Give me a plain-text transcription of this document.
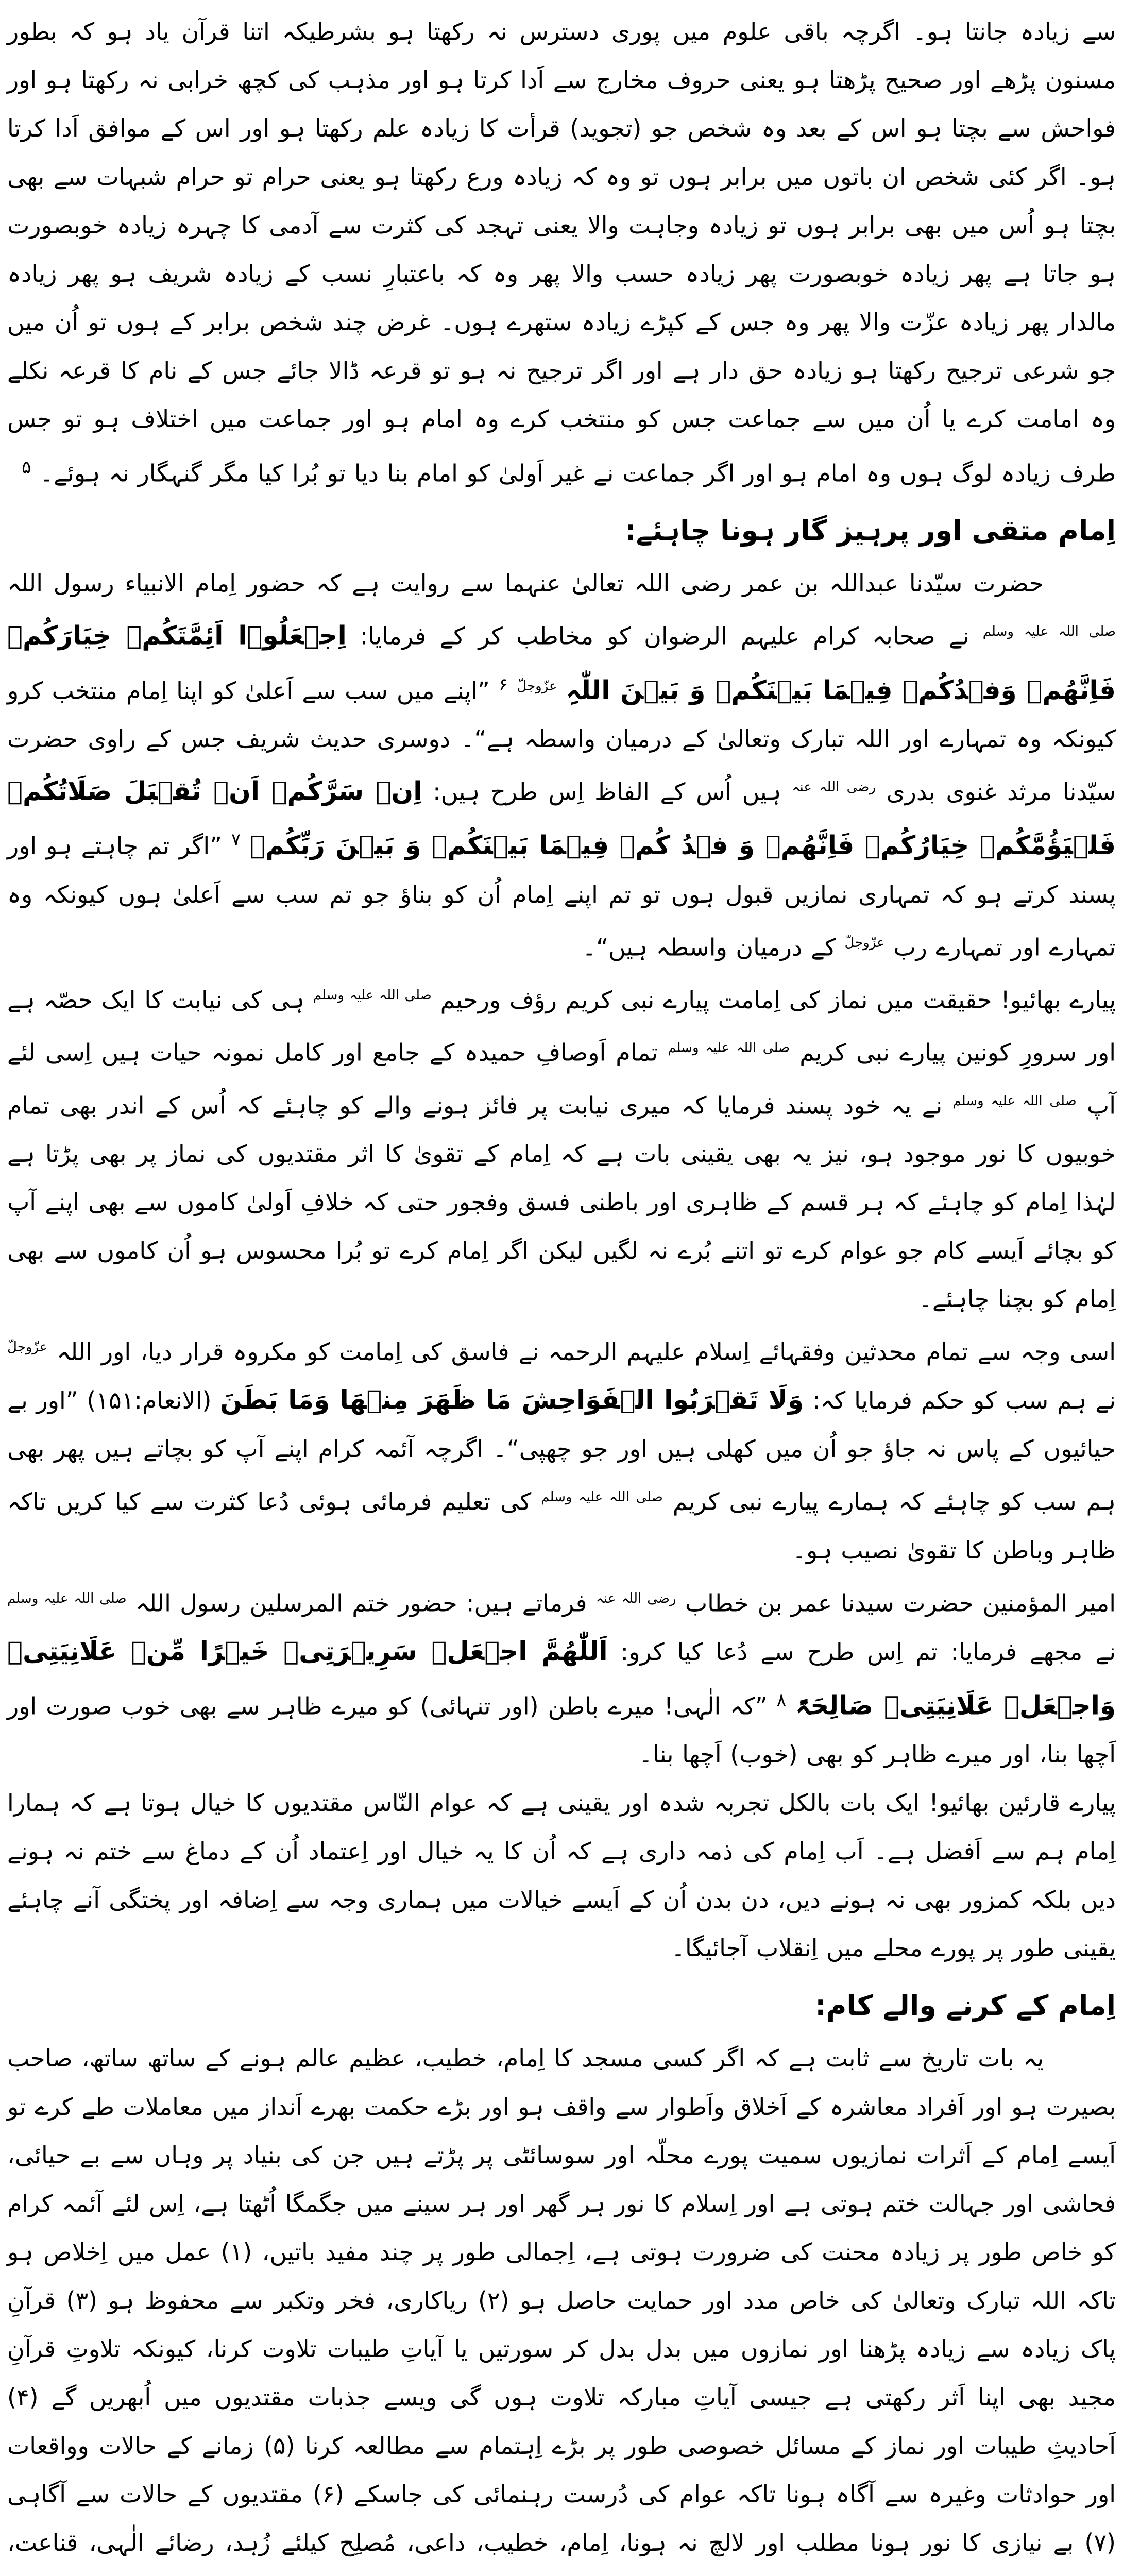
سے زیادہ جانتا ہو۔ اگرچہ باقی علوم میں پوری دسترس نہ رکھتا ہو بشرطیکہ اتنا قرآن یاد ہو کہ بطور مسنون پڑھے اور صحیح پڑھتا ہو یعنی حروف مخارج سے اَدا کرتا ہو اور مذہب کی کچھ خرابی نہ رکھتا ہو اور فواحش سے بچتا ہو اس کے بعد وہ شخص جو (تجوید) قرأت کا زیادہ علم رکھتا ہو اور اس کے موافق اَدا کرتا ہو۔ اگر کئی شخص ان باتوں میں برابر ہوں تو وہ کہ زیادہ ورع رکھتا ہو یعنی حرام تو حرام شبہات سے بھی بچتا ہو اُس میں بھی برابر ہوں تو زیادہ وجاہت والا یعنی تہجد کی کثرت سے آدمی کا چہرہ زیادہ خوبصورت ہو جاتا ہے پھر زیادہ خوبصورت پھر زیادہ حسب والا پھر وہ کہ باعتبارِ نسب کے زیادہ شریف ہو پھر زیادہ مالدار پھر زیادہ عزّت والا پھر وہ جس کے کپڑے زیادہ ستھرے ہوں۔ غرض چند شخص برابر کے ہوں تو اُن میں جو شرعی ترجیح رکھتا ہو زیادہ حق دار ہے اور اگر ترجیح نہ ہو تو قرعہ ڈالا جائے جس کے نام کا قرعہ نکلے وہ امامت کرے یا اُن میں سے جماعت جس کو منتخب کرے وہ امام ہو اور جماعت میں اختلاف ہو تو جس طرف زیادہ لوگ ہوں وہ امام ہو اور اگر جماعت نے غیر اَولیٰ کو امام بنا دیا تو بُرا کیا مگر گنہگار نہ ہوئے۔ $^۵$

اِمام متقی اور پرہیز گار ہونا چاہئے:

حضرت سیّدنا عبداللہ بن عمر رضی اللہ تعالیٰ عنہما سے روایت ہے کہ حضور اِمام الانبیاء رسول اللہ $^{صلی اللہ علیہ وسلم}$ نے صحابہ کرام علیہم الرضوان کو مخاطب کر کے فرمایا: اِجۡعَلُوۡا اَئِمَّتَکُمۡ خِیَارَکُمۡ فَاِنَّھُمۡ وَفۡدُکُمۡ فِیۡمَا بَیۡنَکُمۡ وَ بَیۡنَ اللّٰہِ $^{عزّوجلّ}$ $^۶$ ”اپنے میں سب سے اَعلیٰ کو اپنا اِمام منتخب کرو کیونکہ وہ تمہارے اور اللہ تبارک وتعالیٰ کے درمیان واسطہ ہے“۔ دوسری حدیث شریف جس کے راوی حضرت سیّدنا مرثد غنوی بدری $^{رضی اللہ عنہ}$ ہیں اُس کے الفاظ اِس طرح ہیں: اِنۡ سَرَّکُمۡ اَنۡ تُقۡبَلَ صَلَاتُکُمۡ فَلۡیَؤُمَّکُمۡ خِیَارُکُمۡ فَاِنَّھُمۡ وَ فۡدُ کُمۡ فِیۡمَا بَیۡنَکُمۡ وَ بَیۡنَ رَبِّکُمۡ $^۷$ ”اگر تم چاہتے ہو اور پسند کرتے ہو کہ تمہاری نمازیں قبول ہوں تو تم اپنے اِمام اُن کو بناؤ جو تم سب سے اَعلیٰ ہوں کیونکہ وہ تمہارے اور تمہارے رب $^{عزّوجلّ}$ کے درمیان واسطہ ہیں“۔

پیارے بھائیو! حقیقت میں نماز کی اِمامت پیارے نبی کریم رؤف ورحیم $^{صلی اللہ علیہ وسلم}$ ہی کی نیابت کا ایک حصّہ ہے اور سرورِ کونین پیارے نبی کریم $^{صلی اللہ علیہ وسلم}$ تمام اَوصافِ حمیدہ کے جامع اور کامل نمونہ حیات ہیں اِسی لئے آپ $^{صلی اللہ علیہ وسلم}$ نے یہ خود پسند فرمایا کہ میری نیابت پر فائز ہونے والے کو چاہئے کہ اُس کے اندر بھی تمام خوبیوں کا نور موجود ہو، نیز یہ بھی یقینی بات ہے کہ اِمام کے تقویٰ کا اثر مقتدیوں کی نماز پر بھی پڑتا ہے لہٰذا اِمام کو چاہئے کہ ہر قسم کے ظاہری اور باطنی فسق وفجور حتی کہ خلافِ اَولیٰ کاموں سے بھی اپنے آپ کو بچائے اَیسے کام جو عوام کرے تو اتنے بُرے نہ لگیں لیکن اگر اِمام کرے تو بُرا محسوس ہو اُن کاموں سے بھی اِمام کو بچنا چاہئے۔

اسی وجہ سے تمام محدثین وفقہائے اِسلام علیہم الرحمہ نے فاسق کی اِمامت کو مکروہ قرار دیا، اور اللہ $^{عزّوجلّ}$ نے ہم سب کو حکم فرمایا کہ: وَلَا تَقۡرَبُوا الۡفَوَاحِشَ مَا ظَھَرَ مِنۡھَا وَمَا بَطَنَ (الانعام:۱۵۱) ”اور بے حیائیوں کے پاس نہ جاؤ جو اُن میں کھلی ہیں اور جو چھپی“۔ اگرچہ آئمہ کرام اپنے آپ کو بچاتے ہیں پھر بھی ہم سب کو چاہئے کہ ہمارے پیارے نبی کریم $^{صلی اللہ علیہ وسلم}$ کی تعلیم فرمائی ہوئی دُعا کثرت سے کیا کریں تاکہ ظاہر وباطن کا تقویٰ نصیب ہو۔

امیر المؤمنین حضرت سیدنا عمر بن خطاب $^{رضی اللہ عنہ}$ فرماتے ہیں: حضور ختم المرسلین رسول اللہ $^{صلی اللہ علیہ وسلم}$ نے مجھے فرمایا: تم اِس طرح سے دُعا کیا کرو: اَللّٰھُمَّ اجۡعَلۡ سَرِیۡرَتِیۡ خَیۡرًا مِّنۡ عَلَانِیَتِیۡ وَاجۡعَلۡ عَلَانِیَتِیۡ صَالِحَۃً $^۸$ ”کہ الٰہی! میرے باطن (اور تنہائی) کو میرے ظاہر سے بھی خوب صورت اور اَچھا بنا، اور میرے ظاہر کو بھی (خوب) اَچھا بنا۔

پیارے قارئین بھائیو! ایک بات بالکل تجربہ شدہ اور یقینی ہے کہ عوام النّاس مقتدیوں کا خیال ہوتا ہے کہ ہمارا اِمام ہم سے اَفضل ہے۔ اَب اِمام کی ذمہ داری ہے کہ اُن کا یہ خیال اور اِعتماد اُن کے دماغ سے ختم نہ ہونے دیں بلکہ کمزور بھی نہ ہونے دیں، دن بدن اُن کے اَیسے خیالات میں ہماری وجہ سے اِضافہ اور پختگی آنے چاہئے یقینی طور پر پورے محلے میں اِنقلاب آجائیگا۔

اِمام کے کرنے والے کام:

یہ بات تاریخ سے ثابت ہے کہ اگر کسی مسجد کا اِمام، خطیب، عظیم عالم ہونے کے ساتھ ساتھ، صاحب بصیرت ہو اور اَفراد معاشرہ کے اَخلاق واَطوار سے واقف ہو اور بڑے حکمت بھرے اَنداز میں معاملات طے کرے تو اَیسے اِمام کے اَثرات نمازیوں سمیت پورے محلّہ اور سوسائٹی پر پڑتے ہیں جن کی بنیاد پر وہاں سے بے حیائی، فحاشی اور جہالت ختم ہوتی ہے اور اِسلام کا نور ہر گھر اور ہر سینے میں جگمگا اُٹھتا ہے، اِس لئے آئمہ کرام کو خاص طور پر زیادہ محنت کی ضرورت ہوتی ہے، اِجمالی طور پر چند مفید باتیں، (۱) عمل میں اِخلاص ہو تاکہ اللہ تبارک وتعالیٰ کی خاص مدد اور حمایت حاصل ہو (۲) ریاکاری، فخر وتکبر سے محفوظ ہو (۳) قرآنِ پاک زیادہ سے زیادہ پڑھنا اور نمازوں میں بدل بدل کر سورتیں یا آیاتِ طیبات تلاوت کرنا، کیونکہ تلاوتِ قرآنِ مجید بھی اپنا اَثر رکھتی ہے جیسی آیاتِ مبارکہ تلاوت ہوں گی ویسے جذبات مقتدیوں میں اُبھریں گے (۴) اَحادیثِ طیبات اور نماز کے مسائل خصوصی طور پر بڑے اِہتمام سے مطالعہ کرنا (۵) زمانے کے حالات وواقعات اور حوادثات وغیرہ سے آگاہ ہونا تاکہ عوام کی دُرست رہنمائی کی جاسکے (۶) مقتدیوں کے حالات سے آگاہی (۷) بے نیازی کا نور ہونا مطلب اور لالچ نہ ہونا، اِمام، خطیب، داعی، مُصلِح کیلئے زُہد، رضائے الٰہی، قناعت،
